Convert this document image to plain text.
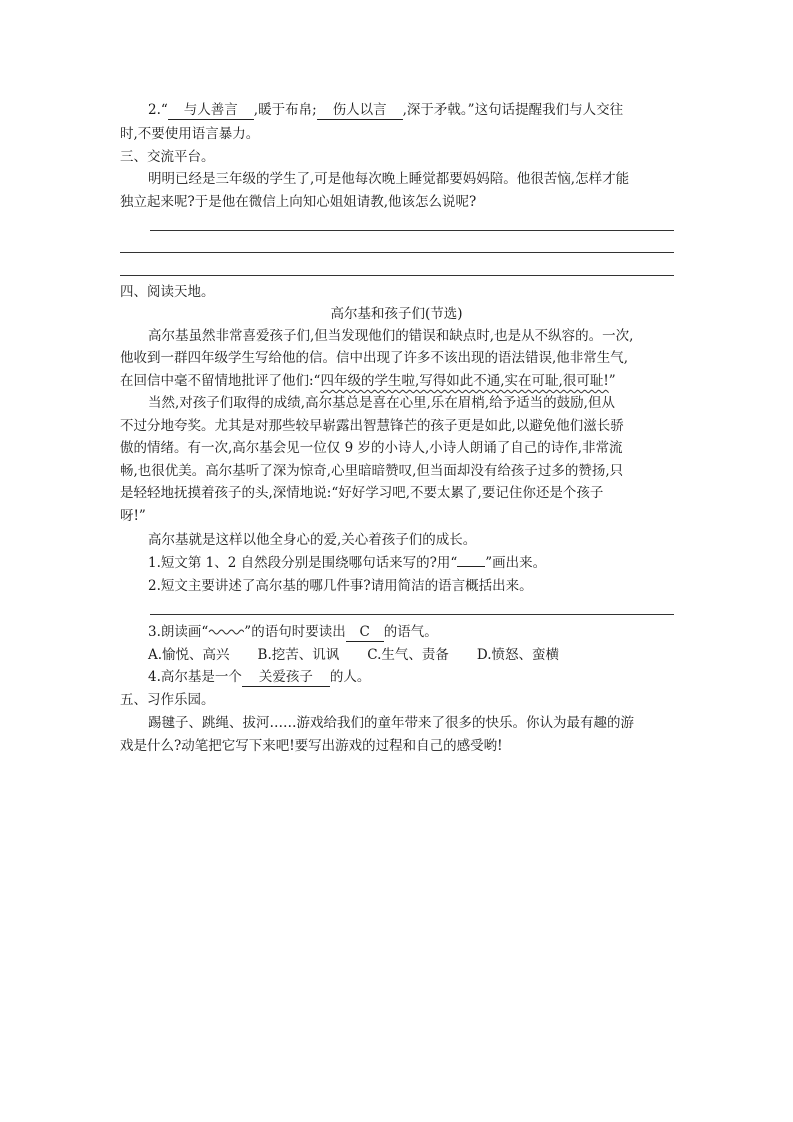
2.“ 与人善言 ,暖于布帛; 伤人以言 ,深于矛戟。”这句话提醒我们与人交往
时,不要使用语言暴力。
三、交流平台。
明明已经是三年级的学生了,可是他每次晚上睡觉都要妈妈陪。他很苦恼,怎样才能
独立起来呢?于是他在微信上向知心姐姐请教,他该怎么说呢?
四、阅读天地。
高尔基和孩子们(节选)
高尔基虽然非常喜爱孩子们,但当发现他们的错误和缺点时,也是从不纵容的。一次,
他收到一群四年级学生写给他的信。信中出现了许多不该出现的语法错误,他非常生气,
在回信中毫不留情地批评了他们:“四年级的学生啦,写得如此不通,实在可耻,很可耻!”
当然,对孩子们取得的成绩,高尔基总是喜在心里,乐在眉梢,给予适当的鼓励,但从
不过分地夸奖。尤其是对那些较早崭露出智慧锋芒的孩子更是如此,以避免他们滋长骄
傲的情绪。有一次,高尔基会见一位仅 9 岁的小诗人,小诗人朗诵了自己的诗作,非常流
畅,也很优美。高尔基听了深为惊奇,心里暗暗赞叹,但当面却没有给孩子过多的赞扬,只
是轻轻地抚摸着孩子的头,深情地说:“好好学习吧,不要太累了,要记住你还是个孩子
呀!”
高尔基就是这样以他全身心的爱,关心着孩子们的成长。
1.短文第 1、2 自然段分别是围绕哪句话来写的?用“ ”画出来。
2.短文主要讲述了高尔基的哪几件事?请用简洁的语言概括出来。
3.朗读画“	”的语句时要读出 C 的语气。
A.愉悦、高兴 B.挖苦、讥讽 C.生气、责备 D.愤怒、蛮横
4.高尔基是一个 关爱孩子 的人。
五、习作乐园。
踢毽子、跳绳、拔河……游戏给我们的童年带来了很多的快乐。你认为最有趣的游
戏是什么?动笔把它写下来吧!要写出游戏的过程和自己的感受哟!
